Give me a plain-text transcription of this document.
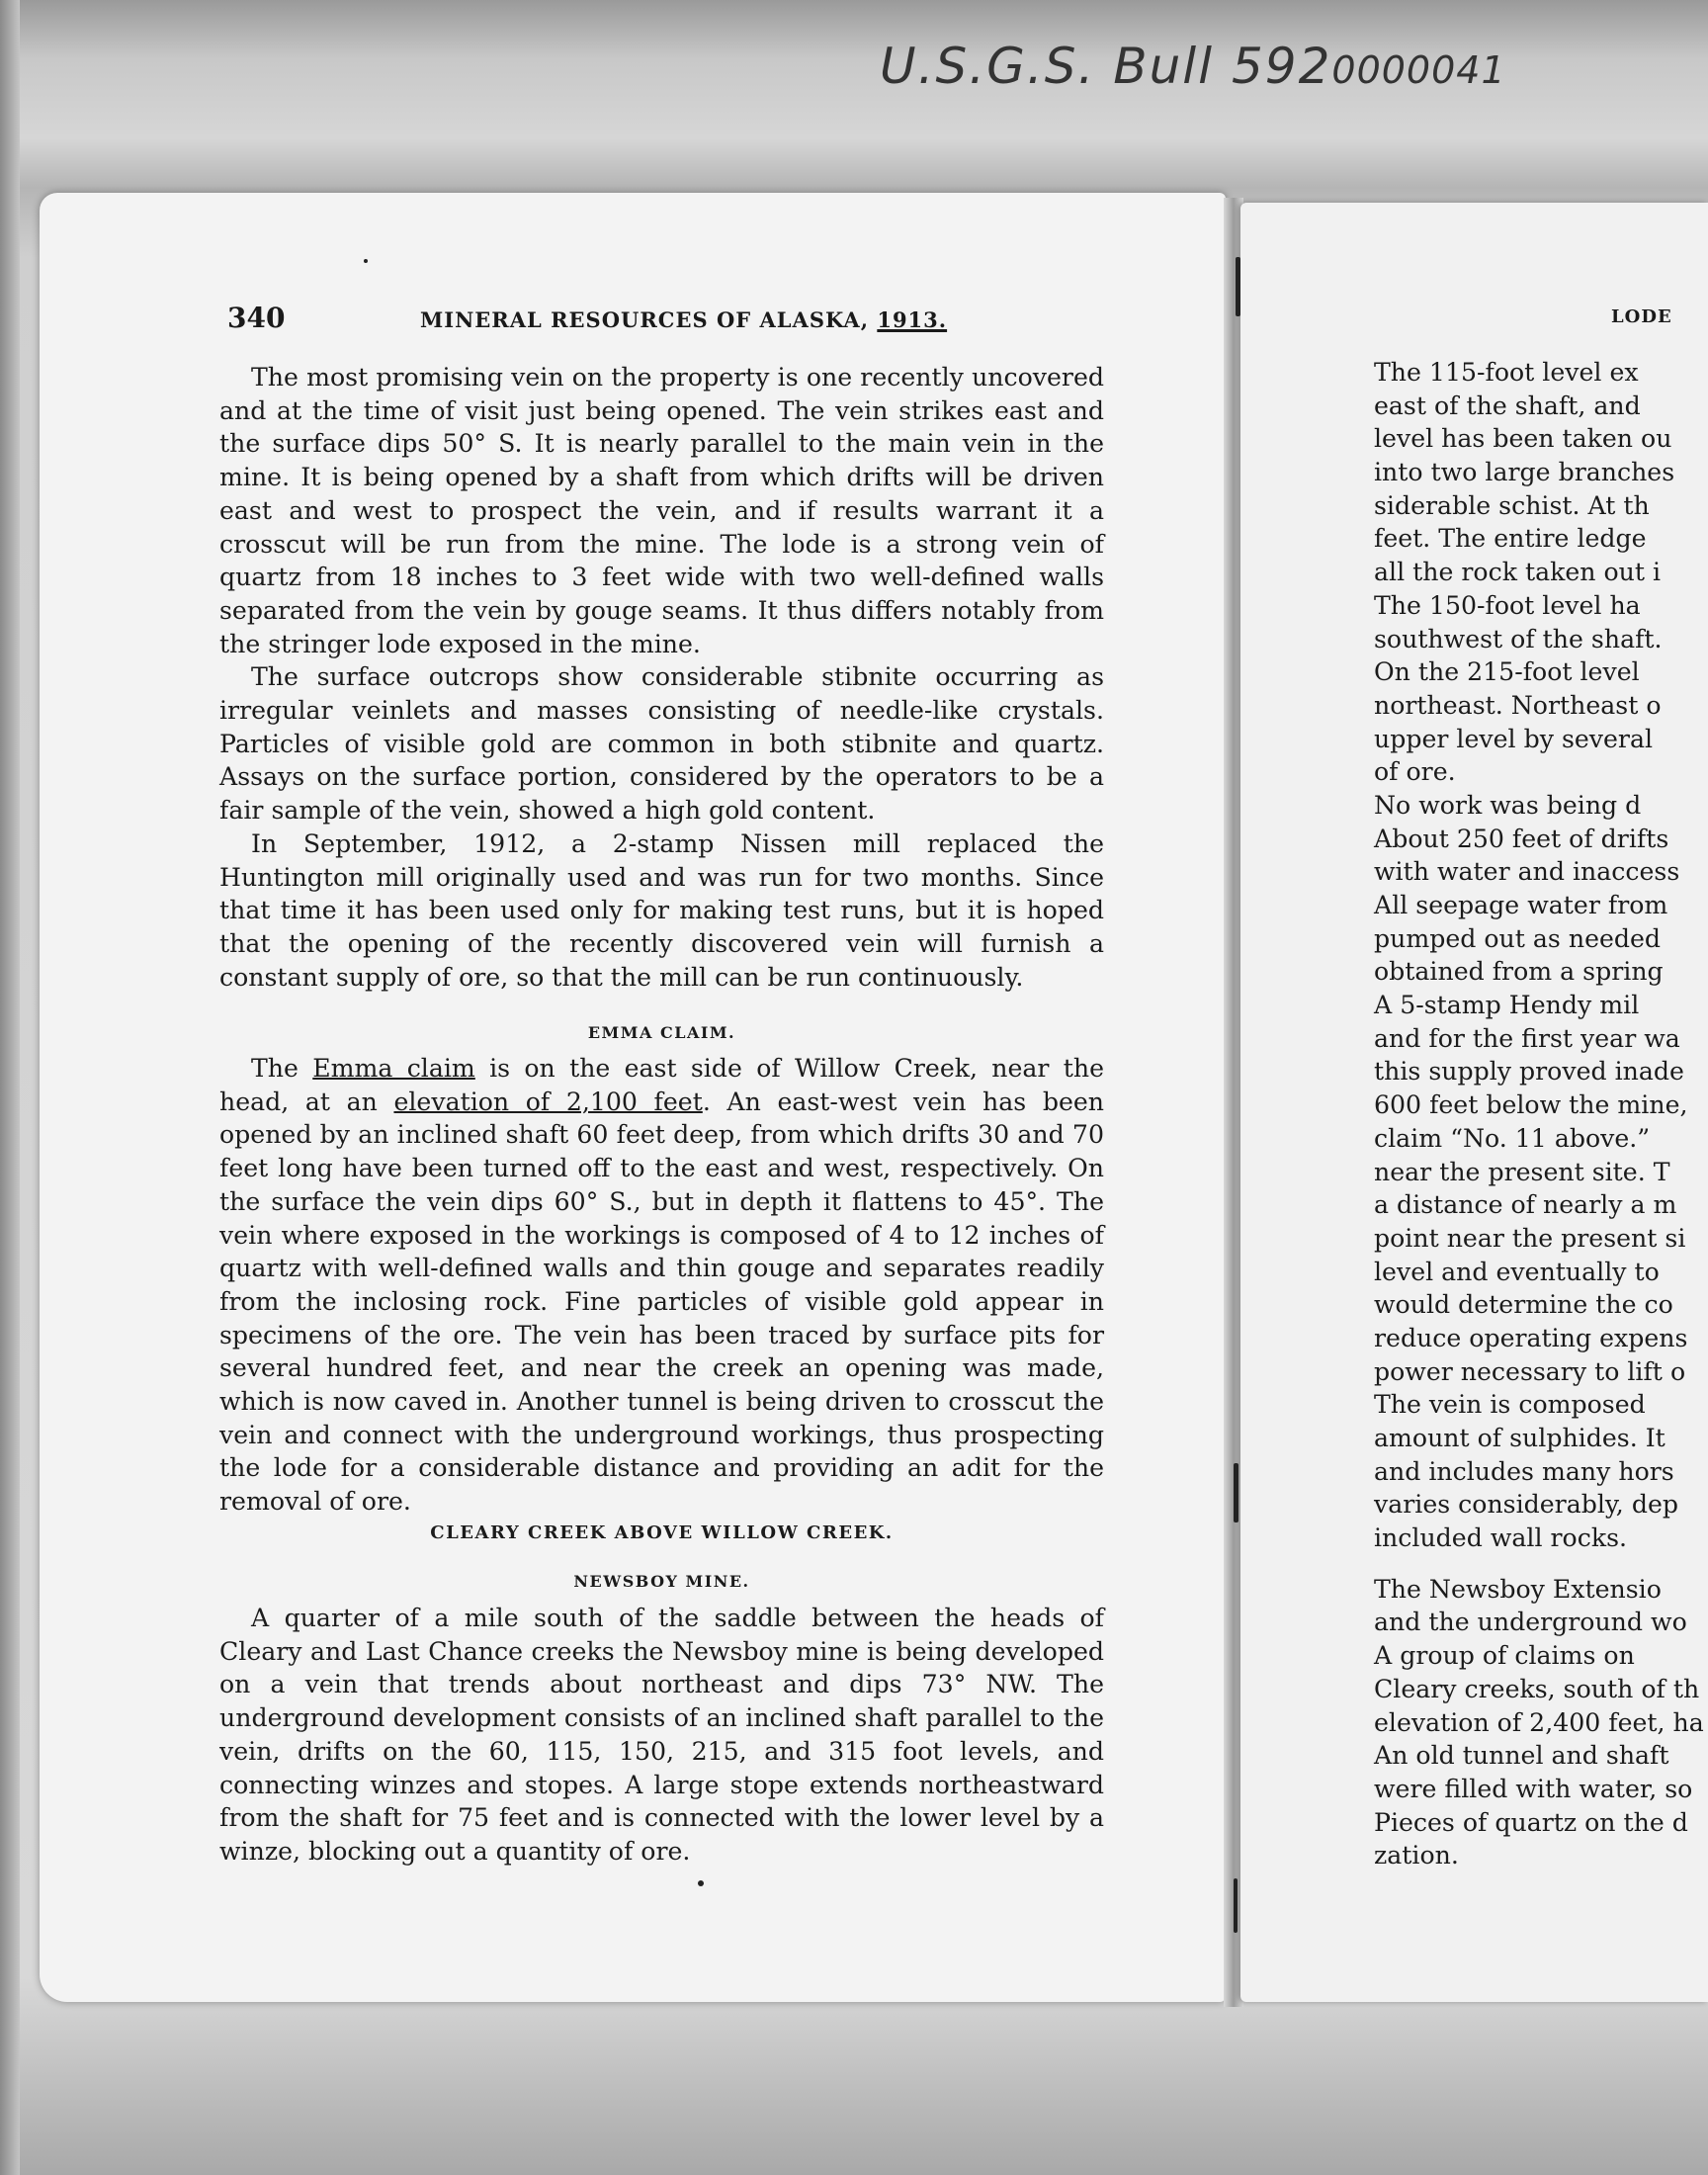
U.S.G.S. Bull 5920000041
LODE
The 115-foot level ex
east of the shaft, and
level has been taken ou
into two large branches
siderable schist. At th
feet. The entire ledge
all the rock taken out i
The 150-foot level ha
southwest of the shaft.
On the 215-foot level
northeast. Northeast o
upper level by several
of ore.
No work was being d
About 250 feet of drifts
with water and inaccess
All seepage water from
pumped out as needed
obtained from a spring
A 5-stamp Hendy mil
and for the first year wa
this supply proved inade
600 feet below the mine,
claim “No. 11 above.”
near the present site. T
a distance of nearly a m
point near the present si
level and eventually to
would determine the co
reduce operating expens
power necessary to lift o
The vein is composed
amount of sulphides. It
and includes many hors
varies considerably, dep
included wall rocks.
The Newsboy Extensio
and the underground wo
A group of claims on
Cleary creeks, south of th
elevation of 2,400 feet, ha
An old tunnel and shaft
were filled with water, so
Pieces of quartz on the d
zation.
340	MINERAL RESOURCES OF ALASKA, 1913.

The most promising vein on the property is one recently uncovered and at the time of visit just being opened. The vein strikes east and the surface dips 50° S. It is nearly parallel to the main vein in the mine. It is being opened by a shaft from which drifts will be driven east and west to prospect the vein, and if results warrant it a crosscut will be run from the mine. The lode is a strong vein of quartz from 18 inches to 3 feet wide with two well-defined walls separated from the vein by gouge seams. It thus differs notably from the stringer lode exposed in the mine.

The surface outcrops show considerable stibnite occurring as irregular veinlets and masses consisting of needle-like crystals. Particles of visible gold are common in both stibnite and quartz. Assays on the surface portion, considered by the operators to be a fair sample of the vein, showed a high gold content.

In September, 1912, a 2-stamp Nissen mill replaced the Huntington mill originally used and was run for two months. Since that time it has been used only for making test runs, but it is hoped that the opening of the recently discovered vein will furnish a constant supply of ore, so that the mill can be run continuously.

EMMA CLAIM.

The Emma claim is on the east side of Willow Creek, near the head, at an elevation of 2,100 feet. An east-west vein has been opened by an inclined shaft 60 feet deep, from which drifts 30 and 70 feet long have been turned off to the east and west, respectively. On the surface the vein dips 60° S., but in depth it flattens to 45°. The vein where exposed in the workings is composed of 4 to 12 inches of quartz with well-defined walls and thin gouge and separates readily from the inclosing rock. Fine particles of visible gold appear in specimens of the ore. The vein has been traced by surface pits for several hundred feet, and near the creek an opening was made, which is now caved in. Another tunnel is being driven to crosscut the vein and connect with the underground workings, thus prospecting the lode for a considerable distance and providing an adit for the removal of ore.

CLEARY CREEK ABOVE WILLOW CREEK.

NEWSBOY MINE.

A quarter of a mile south of the saddle between the heads of Cleary and Last Chance creeks the Newsboy mine is being developed on a vein that trends about northeast and dips 73° NW. The underground development consists of an inclined shaft parallel to the vein, drifts on the 60, 115, 150, 215, and 315 foot levels, and connecting winzes and stopes. A large stope extends northeastward from the shaft for 75 feet and is connected with the lower level by a winze, blocking out a quantity of ore.
